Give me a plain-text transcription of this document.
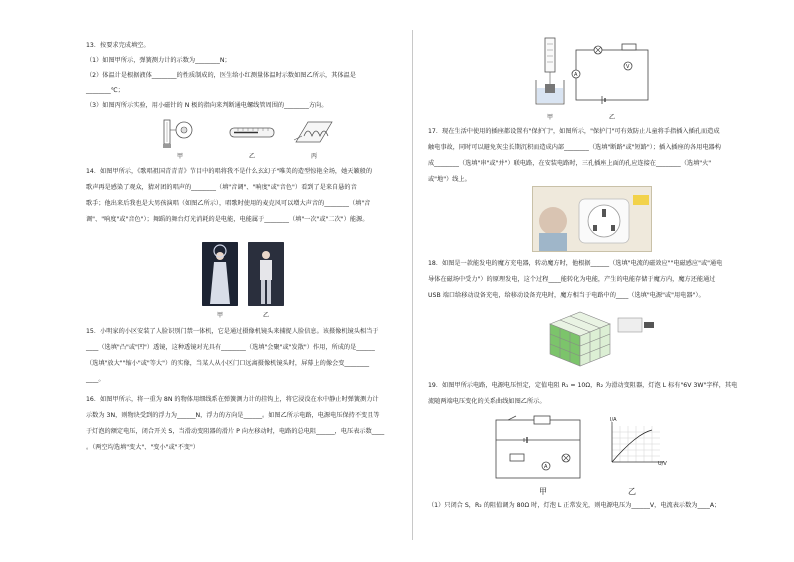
13．按要求完成填空。
（1）如图甲所示，弹簧测力计的示数为________N；
（2）体温计是根据液体________的性质制成的，医生给小红测量体温时示数如图乙所示，其体温是
________℃；
（3）如图丙所示实验，用小磁针的 N 极的指向来判断通电螺线管周围的________方向。
甲	乙	丙
14．如图甲所示，《歌唱祖国青青青》节目中的唱将我不是什么玄幻子"唯美的造型惊艳全场，她天籁般的
歌声再是感染了观众，猜对团的唱声的________（填"音调"、"响度"或"音色"）看到了是来自悬的音
歌手；他出来后我也是大男孩演唱（如图乙所示），唱歌时使用的麦克风可以增大声音的________（填"音
调"、"响度"或"音色"）；舞蹈的舞台灯光消耗的是电能，电能属于________（填"一次"或"二次"）能源。
甲	乙
15．小明家的小区安装了人脸识别门禁一体机，它是通过摄像机镜头来捕捉人脸信息。该摄像机镜头相当于
____（选填"凸"或"凹"）透镜，这种透镜对光具有________（选填"会聚"或"发散"）作用，所成的是______
（选填"放大""缩小"或"等大"）的实像，当某人从小区门口远离摄像机镜头时，屏幕上的像会变________
____。
16．如图甲所示，将一重为 8N 的物体用细线系在弹簧测力计的挂钩上，将它浸没在水中静止时弹簧测力计
示数为 3N，则物块受到的浮力为______N，浮力的方向是______。如图乙所示电路，电源电压保持不变且等
于灯泡的额定电压，闭合开关 S，当滑动变阻器的滑片 P 向左移动时，电路的总电阻______，电压表示数____
。（两空均选填"变大"、"变小"或"不变"）
A
V
甲	乙
17．现在生活中使用的插座都设置有"保护门"，如图所示，"保护门"可有效防止儿童将手指插入插孔而造成
触电事故，同时可以避免灰尘长期沉积而造成内部________（选填"断路"或"短路"）；插入插座的各用电器构
成________（选填"串"或"并"）联电路，在安装电路时，三孔插座上面的孔应连接在________（选填"火"
或"地"）线上。
18．如图是一款能发电的魔方充电器，转动魔方时，他根据______（选填"电流的磁效应""电磁感应"或"通电
导体在磁场中受力"）的原理发电，这个过程____能转化为电能，产生的电能存储于魔方内，魔方还能通过
USB 端口给移动设备充电，给移动设备充电时，魔方相当于电路中的____（选填"电源"或"用电器"）。
19．如图甲所示电路，电源电压恒定，定值电阻 R₁ = 10Ω，R₂ 为滑动变阻器，灯泡 L 标有"6V 3W"字样，其电
流随两端电压变化的关系曲线如图乙所示。
A
I/A
U/V
甲	乙
（1）只闭合 S，R₂ 的阻值调为 80Ω 时，灯泡 L 正常发光，则电源电压为______V，电流表示数为____A；
